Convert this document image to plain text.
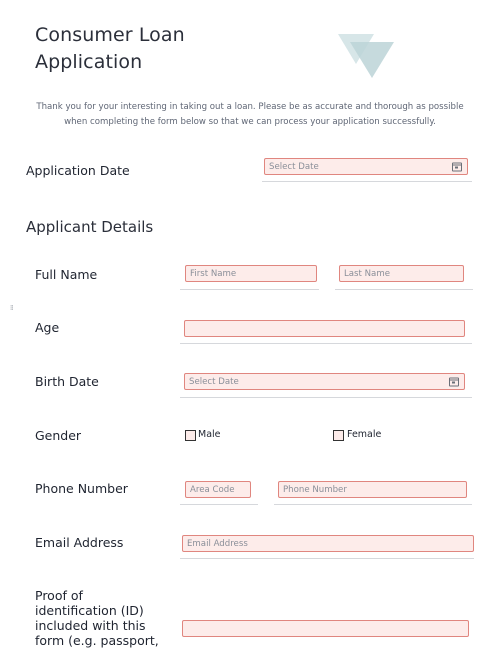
Consumer Loan
Application
Thank you for your interesting in taking out a loan. Please be as accurate and thorough as possible
when completing the form below so that we can process your application successfully.
Application Date	Select Date
Applicant Details
Full Name	First Name	Last Name
⁞⁞
Age
Birth Date	Select Date
Gender	Male	Female
Phone Number	Area Code	Phone Number
Email Address	Email Address
Proof of
identification (ID)
included with this
form (e.g. passport,
